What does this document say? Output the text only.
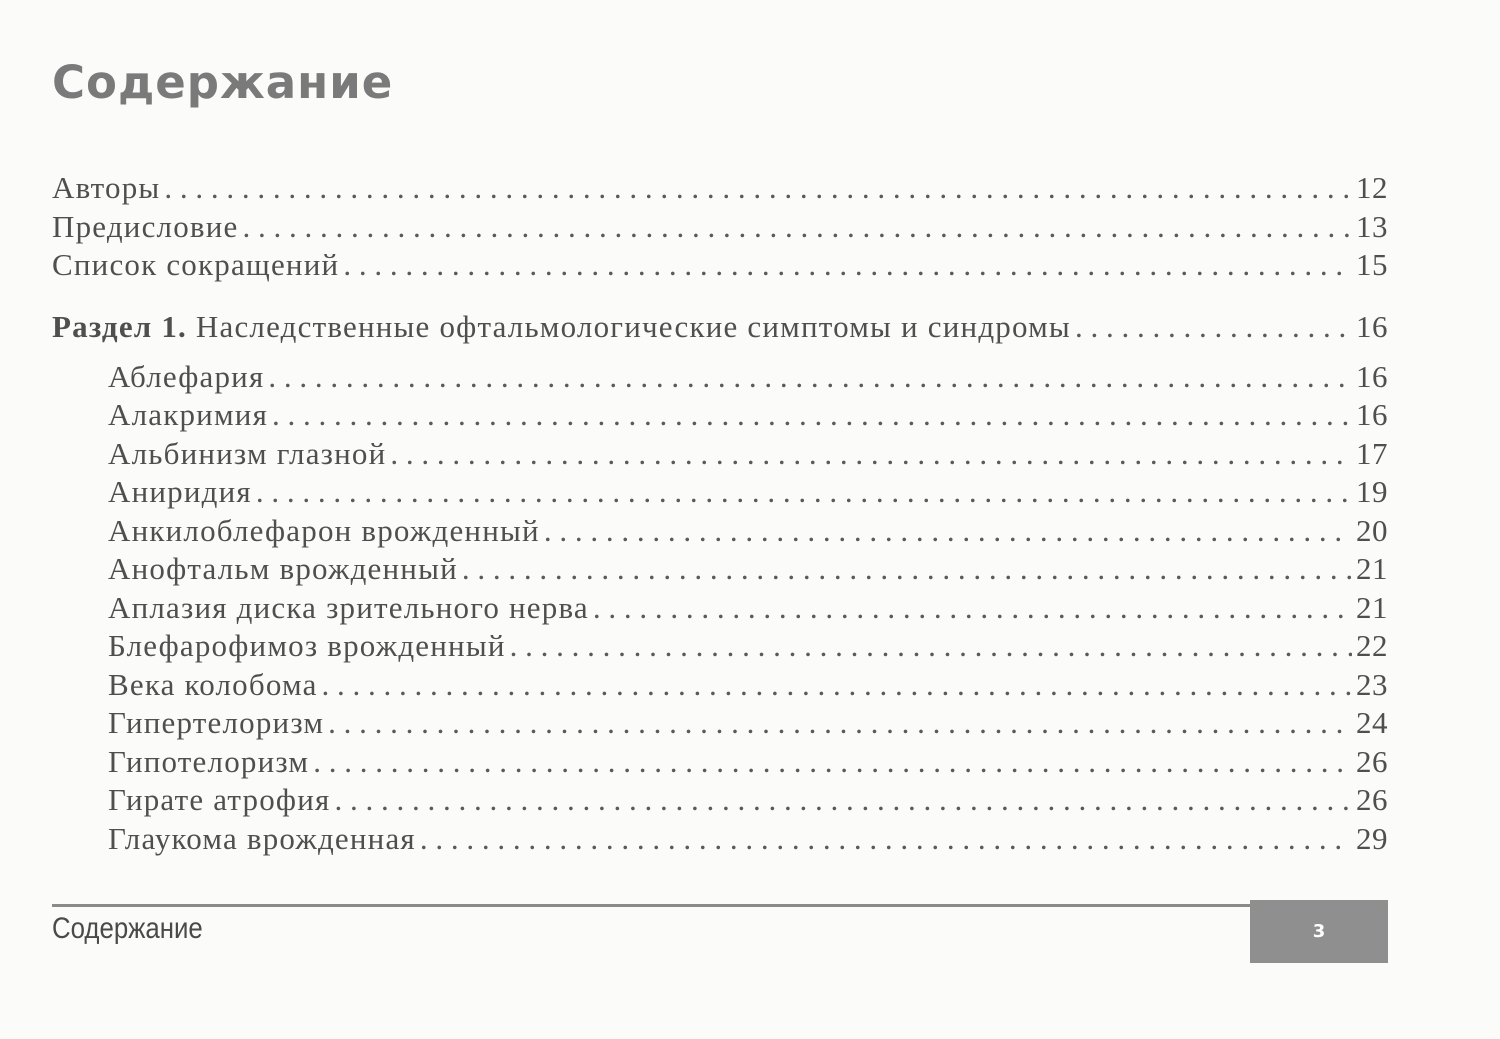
Содержание
Авторы . . .	12
Предисловие . . .	13
Список сокращений . . .	15
Раздел 1. Наследственные офтальмологические симптомы и синдромы . . .	16
Аблефария . . .	16
Алакримия . . .	16
Альбинизм глазной . . .	17
Аниридия . . .	19
Анкилоблефарон врожденный . . .	20
Анофтальм врожденный . . .	21
Аплазия диска зрительного нерва . . .	21
Блефарофимоз врожденный . . .	22
Века колобома . . .	23
Гипертелоризм . . .	24
Гипотелоризм . . .	26
Гирате атрофия . . .	26
Глаукома врожденная . . .	29
Содержание	3
